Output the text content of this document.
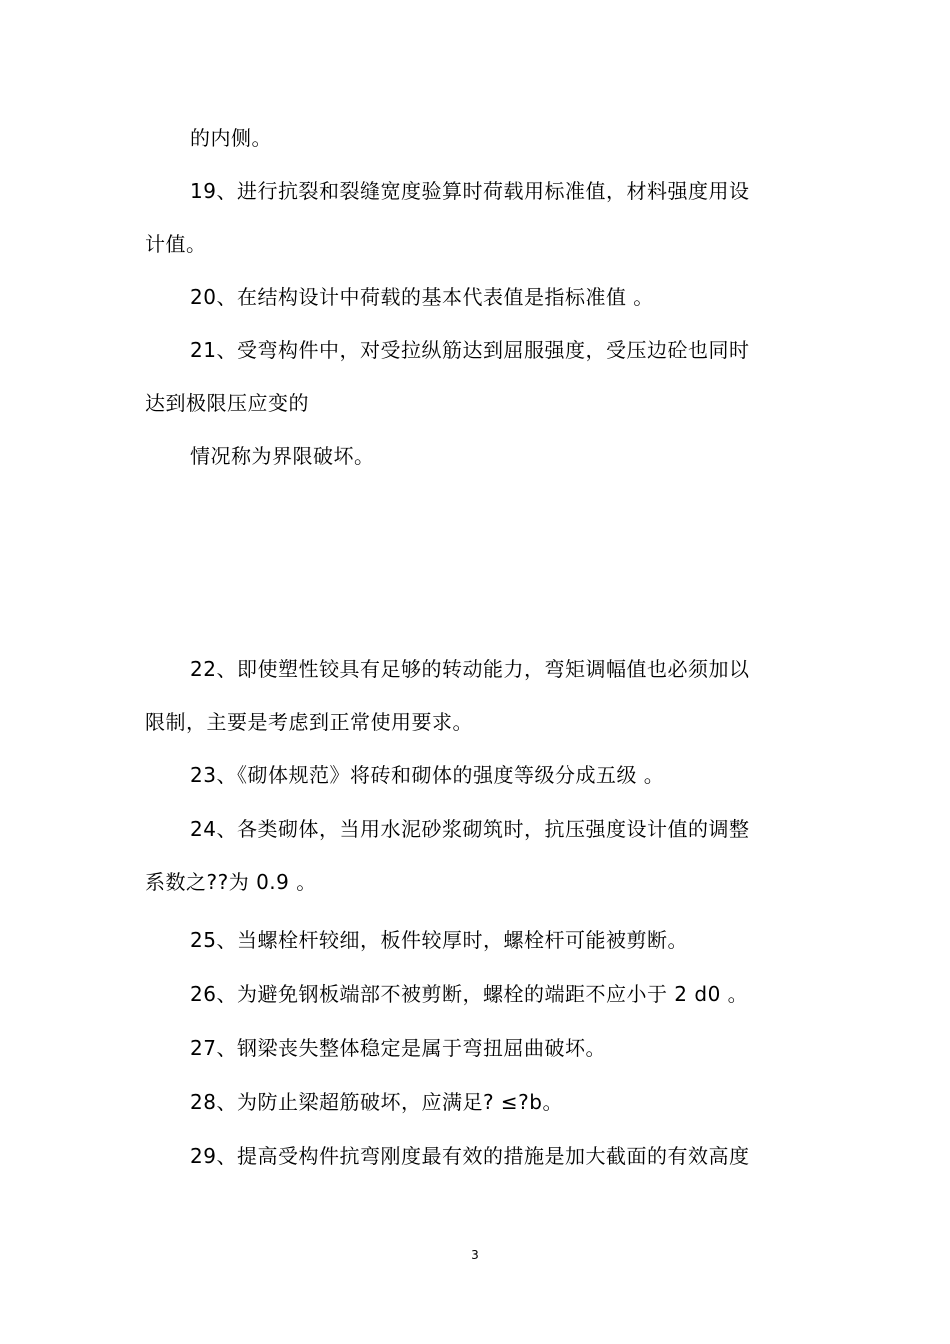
的内侧。
19、进行抗裂和裂缝宽度验算时荷载用标准值，材料强度用设
计值。
20、在结构设计中荷载的基本代表值是指标准值 。
21、受弯构件中，对受拉纵筋达到屈服强度，受压边砼也同时
达到极限压应变的
情况称为界限破坏。
22、即使塑性铰具有足够的转动能力，弯矩调幅值也必须加以
限制，主要是考虑到正常使用要求。
23、《砌体规范》将砖和砌体的强度等级分成五级 。
24、各类砌体，当用水泥砂浆砌筑时，抗压强度设计值的调整
系数之??为 0.9 。
25、当螺栓杆较细，板件较厚时，螺栓杆可能被剪断。
26、为避免钢板端部不被剪断，螺栓的端距不应小于 2 d0 。
27、钢梁丧失整体稳定是属于弯扭屈曲破坏。
28、为防止梁超筋破坏，应满足? ≤?b。
29、提高受构件抗弯刚度最有效的措施是加大截面的有效高度
3
